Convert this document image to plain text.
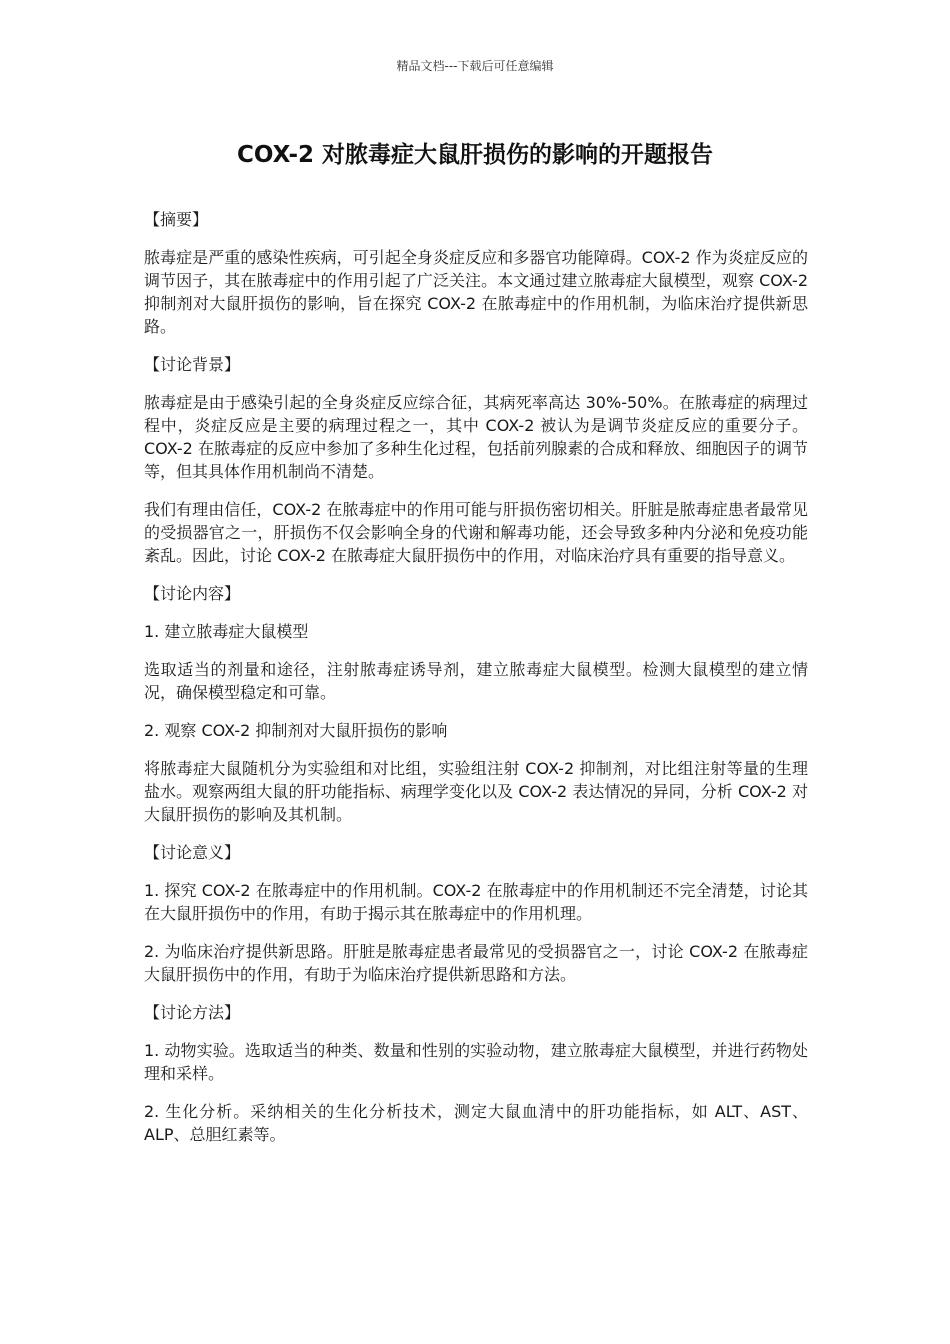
精品文档---下载后可任意编辑
COX-2 对脓毒症大鼠肝损伤的影响的开题报告
【摘要】
脓毒症是严重的感染性疾病，可引起全身炎症反应和多器官功能障碍。COX-2 作为炎症反应的调节因子，其在脓毒症中的作用引起了广泛关注。本文通过建立脓毒症大鼠模型，观察 COX-2 抑制剂对大鼠肝损伤的影响，旨在探究 COX-2 在脓毒症中的作用机制，为临床治疗提供新思路。
【讨论背景】
脓毒症是由于感染引起的全身炎症反应综合征，其病死率高达 30%-50%。在脓毒症的病理过程中，炎症反应是主要的病理过程之一，其中 COX-2 被认为是调节炎症反应的重要分子。COX-2 在脓毒症的反应中参加了多种生化过程，包括前列腺素的合成和释放、细胞因子的调节等，但其具体作用机制尚不清楚。
我们有理由信任，COX-2 在脓毒症中的作用可能与肝损伤密切相关。肝脏是脓毒症患者最常见的受损器官之一，肝损伤不仅会影响全身的代谢和解毒功能，还会导致多种内分泌和免疫功能紊乱。因此，讨论 COX-2 在脓毒症大鼠肝损伤中的作用，对临床治疗具有重要的指导意义。
【讨论内容】
1. 建立脓毒症大鼠模型
选取适当的剂量和途径，注射脓毒症诱导剂，建立脓毒症大鼠模型。检测大鼠模型的建立情况，确保模型稳定和可靠。
2. 观察 COX-2 抑制剂对大鼠肝损伤的影响
将脓毒症大鼠随机分为实验组和对比组，实验组注射 COX-2 抑制剂，对比组注射等量的生理盐水。观察两组大鼠的肝功能指标、病理学变化以及 COX-2 表达情况的异同，分析 COX-2 对大鼠肝损伤的影响及其机制。
【讨论意义】
1. 探究 COX-2 在脓毒症中的作用机制。COX-2 在脓毒症中的作用机制还不完全清楚，讨论其在大鼠肝损伤中的作用，有助于揭示其在脓毒症中的作用机理。
2. 为临床治疗提供新思路。肝脏是脓毒症患者最常见的受损器官之一，讨论 COX-2 在脓毒症大鼠肝损伤中的作用，有助于为临床治疗提供新思路和方法。
【讨论方法】
1. 动物实验。选取适当的种类、数量和性别的实验动物，建立脓毒症大鼠模型，并进行药物处理和采样。
2. 生化分析。采纳相关的生化分析技术，测定大鼠血清中的肝功能指标，如 ALT、AST、ALP、总胆红素等。
